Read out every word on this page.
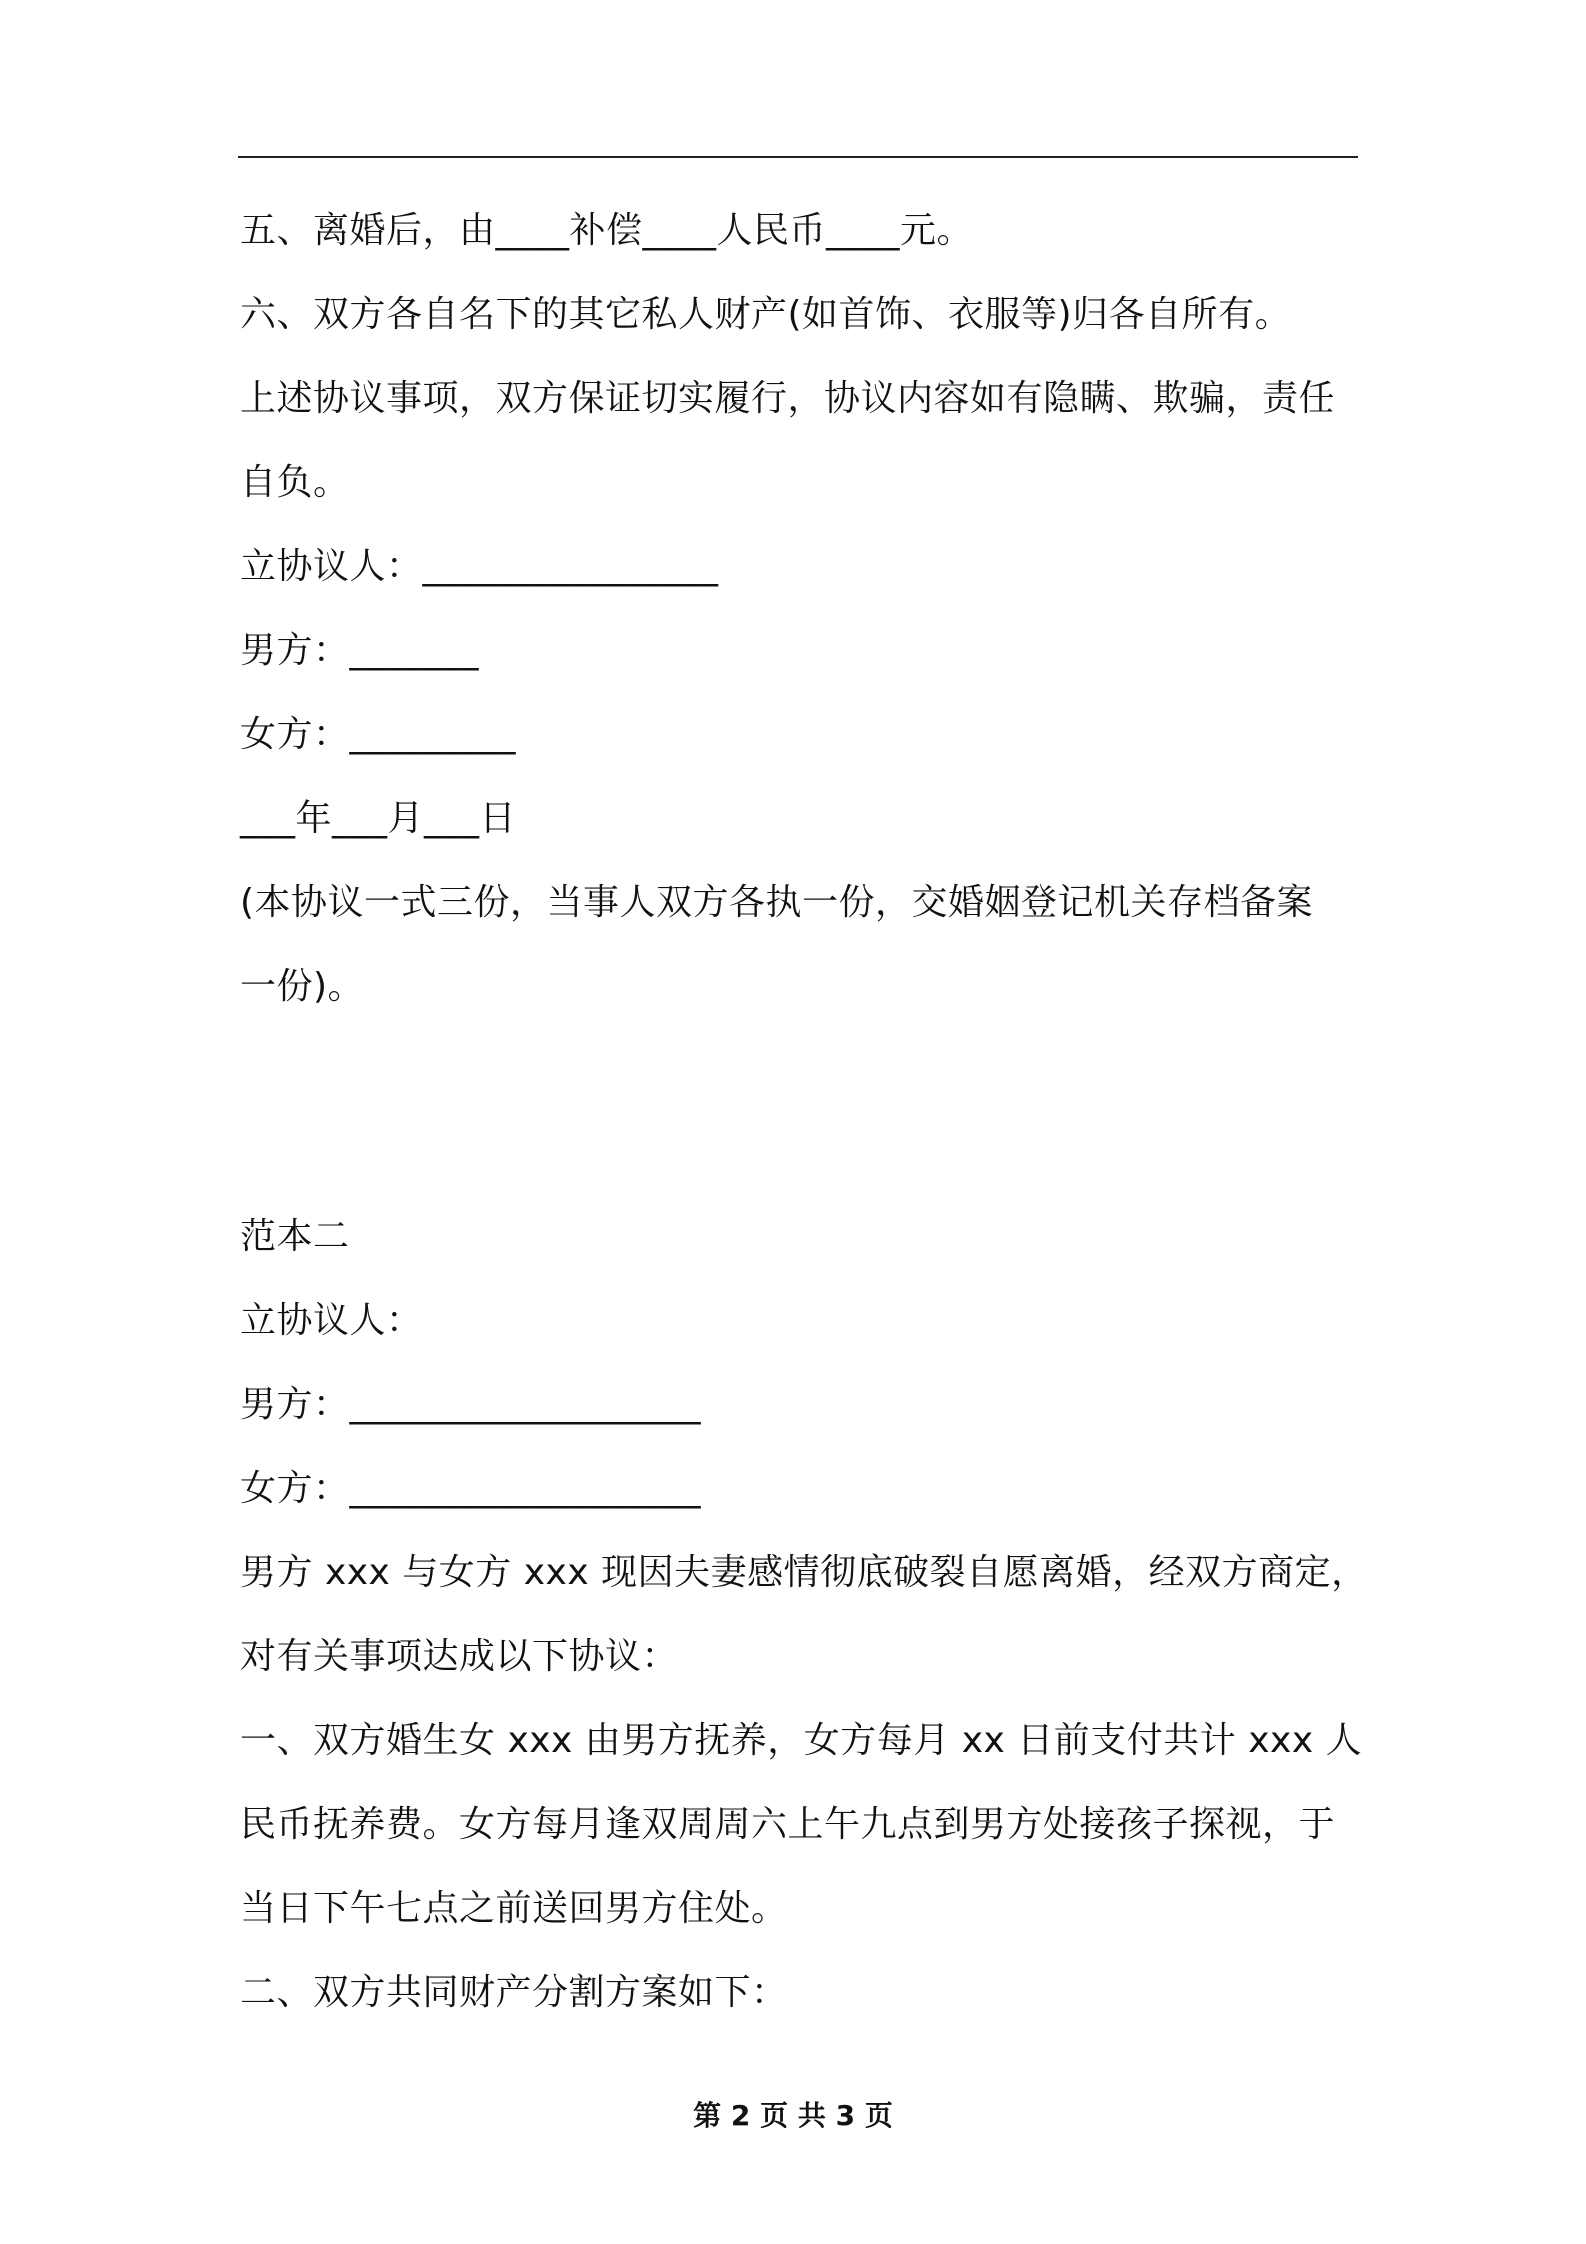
五、离婚后，由____补偿____人民币____元。
六、双方各自名下的其它私人财产(如首饰、衣服等)归各自所有。
上述协议事项，双方保证切实履行，协议内容如有隐瞒、欺骗，责任
自负。
立协议人：________________
男方：_______
女方：_________
___年___月___日
(本协议一式三份，当事人双方各执一份，交婚姻登记机关存档备案
一份)。
范本二
立协议人：
男方：___________________
女方：___________________
男方 xxx 与女方 xxx 现因夫妻感情彻底破裂自愿离婚，经双方商定，
对有关事项达成以下协议：
一、双方婚生女 xxx 由男方抚养，女方每月 xx 日前支付共计 xxx 人
民币抚养费。女方每月逢双周周六上午九点到男方处接孩子探视，于
当日下午七点之前送回男方住处。
二、双方共同财产分割方案如下：
第 2 页 共 3 页
